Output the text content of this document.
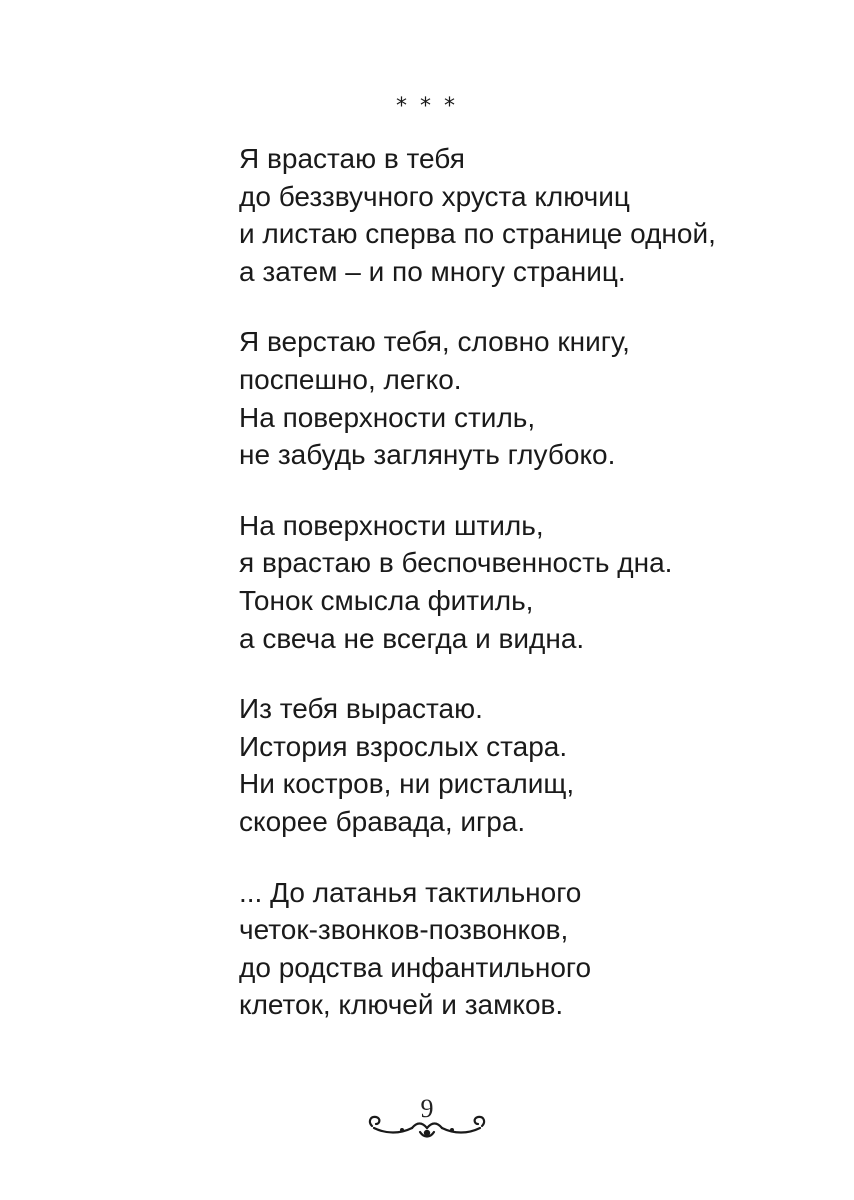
* * *
Я врастаю в тебя
до беззвучного хруста ключиц
и листаю сперва по странице одной,
а затем – и по многу страниц.
Я верстаю тебя, словно книгу,
поспешно, легко.
На поверхности стиль,
не забудь заглянуть глубоко.
На поверхности штиль,
я врастаю в беспочвенность дна.
Тонок смысла фитиль,
а свеча не всегда и видна.
Из тебя вырастаю.
История взрослых стара.
Ни костров, ни ристалищ,
скорее бравада, игра.
... До латанья тактильного
четок-звонков-позвонков,
до родства инфантильного
клеток, ключей и замков.
9
